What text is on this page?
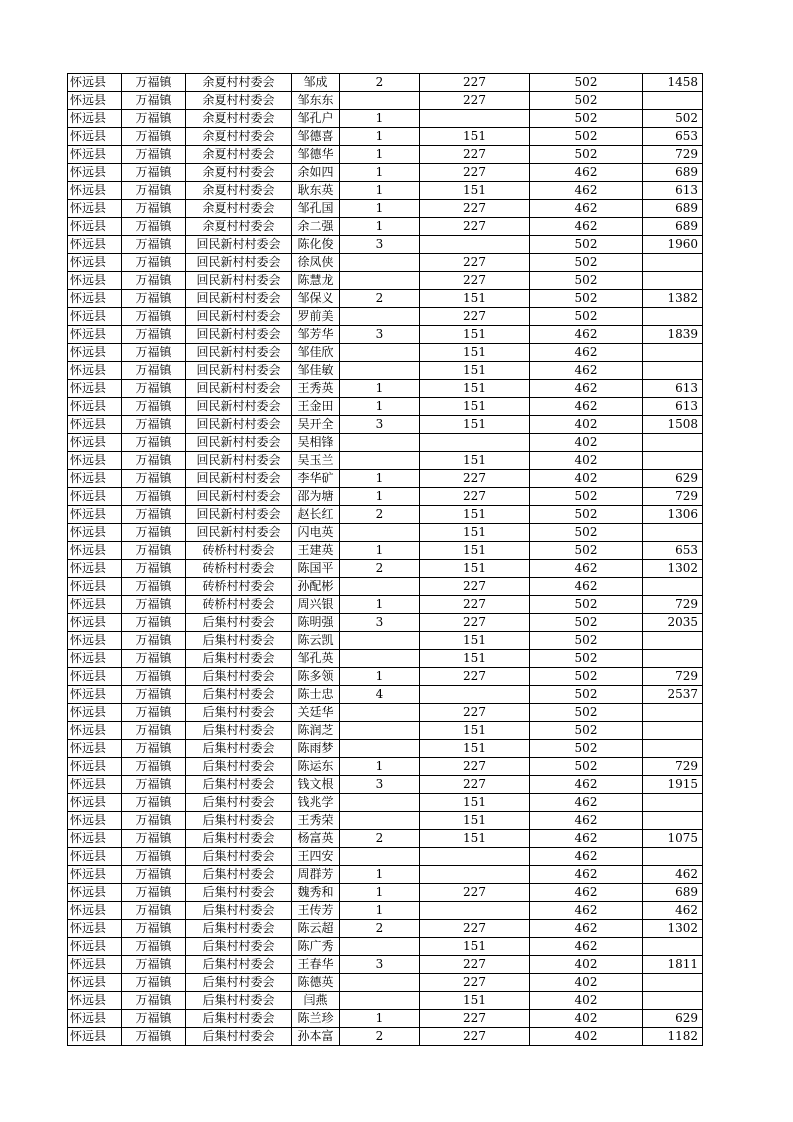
怀远县	万福镇	余夏村村委会	邹成	2	227	502	1458
怀远县	万福镇	余夏村村委会	邹东东		227	502	
怀远县	万福镇	余夏村村委会	邹孔户	1		502	502
怀远县	万福镇	余夏村村委会	邹德喜	1	151	502	653
怀远县	万福镇	余夏村村委会	邹德华	1	227	502	729
怀远县	万福镇	余夏村村委会	余如四	1	227	462	689
怀远县	万福镇	余夏村村委会	耿东英	1	151	462	613
怀远县	万福镇	余夏村村委会	邹孔国	1	227	462	689
怀远县	万福镇	余夏村村委会	余二强	1	227	462	689
怀远县	万福镇	回民新村村委会	陈化俊	3		502	1960
怀远县	万福镇	回民新村村委会	徐凤侠		227	502	
怀远县	万福镇	回民新村村委会	陈慧龙		227	502	
怀远县	万福镇	回民新村村委会	邹保义	2	151	502	1382
怀远县	万福镇	回民新村村委会	罗前美		227	502	
怀远县	万福镇	回民新村村委会	邹芳华	3	151	462	1839
怀远县	万福镇	回民新村村委会	邹佳欣		151	462	
怀远县	万福镇	回民新村村委会	邹佳敏		151	462	
怀远县	万福镇	回民新村村委会	王秀英	1	151	462	613
怀远县	万福镇	回民新村村委会	王金田	1	151	462	613
怀远县	万福镇	回民新村村委会	吴开全	3	151	402	1508
怀远县	万福镇	回民新村村委会	吴相锋			402	
怀远县	万福镇	回民新村村委会	吴玉兰		151	402	
怀远县	万福镇	回民新村村委会	李华矿	1	227	402	629
怀远县	万福镇	回民新村村委会	邵为塘	1	227	502	729
怀远县	万福镇	回民新村村委会	赵长红	2	151	502	1306
怀远县	万福镇	回民新村村委会	闪电英		151	502	
怀远县	万福镇	砖桥村村委会	王建英	1	151	502	653
怀远县	万福镇	砖桥村村委会	陈国平	2	151	462	1302
怀远县	万福镇	砖桥村村委会	孙配彬		227	462	
怀远县	万福镇	砖桥村村委会	周兴银	1	227	502	729
怀远县	万福镇	后集村村委会	陈明强	3	227	502	2035
怀远县	万福镇	后集村村委会	陈云凯		151	502	
怀远县	万福镇	后集村村委会	邹孔英		151	502	
怀远县	万福镇	后集村村委会	陈多领	1	227	502	729
怀远县	万福镇	后集村村委会	陈士忠	4		502	2537
怀远县	万福镇	后集村村委会	关廷华		227	502	
怀远县	万福镇	后集村村委会	陈润芝		151	502	
怀远县	万福镇	后集村村委会	陈雨梦		151	502	
怀远县	万福镇	后集村村委会	陈运东	1	227	502	729
怀远县	万福镇	后集村村委会	钱文根	3	227	462	1915
怀远县	万福镇	后集村村委会	钱兆学		151	462	
怀远县	万福镇	后集村村委会	王秀荣		151	462	
怀远县	万福镇	后集村村委会	杨富英	2	151	462	1075
怀远县	万福镇	后集村村委会	王四安			462	
怀远县	万福镇	后集村村委会	周群芳	1		462	462
怀远县	万福镇	后集村村委会	魏秀和	1	227	462	689
怀远县	万福镇	后集村村委会	王传芳	1		462	462
怀远县	万福镇	后集村村委会	陈云超	2	227	462	1302
怀远县	万福镇	后集村村委会	陈广秀		151	462	
怀远县	万福镇	后集村村委会	王春华	3	227	402	1811
怀远县	万福镇	后集村村委会	陈德英		227	402	
怀远县	万福镇	后集村村委会	闫燕		151	402	
怀远县	万福镇	后集村村委会	陈兰珍	1	227	402	629
怀远县	万福镇	后集村村委会	孙本富	2	227	402	1182
